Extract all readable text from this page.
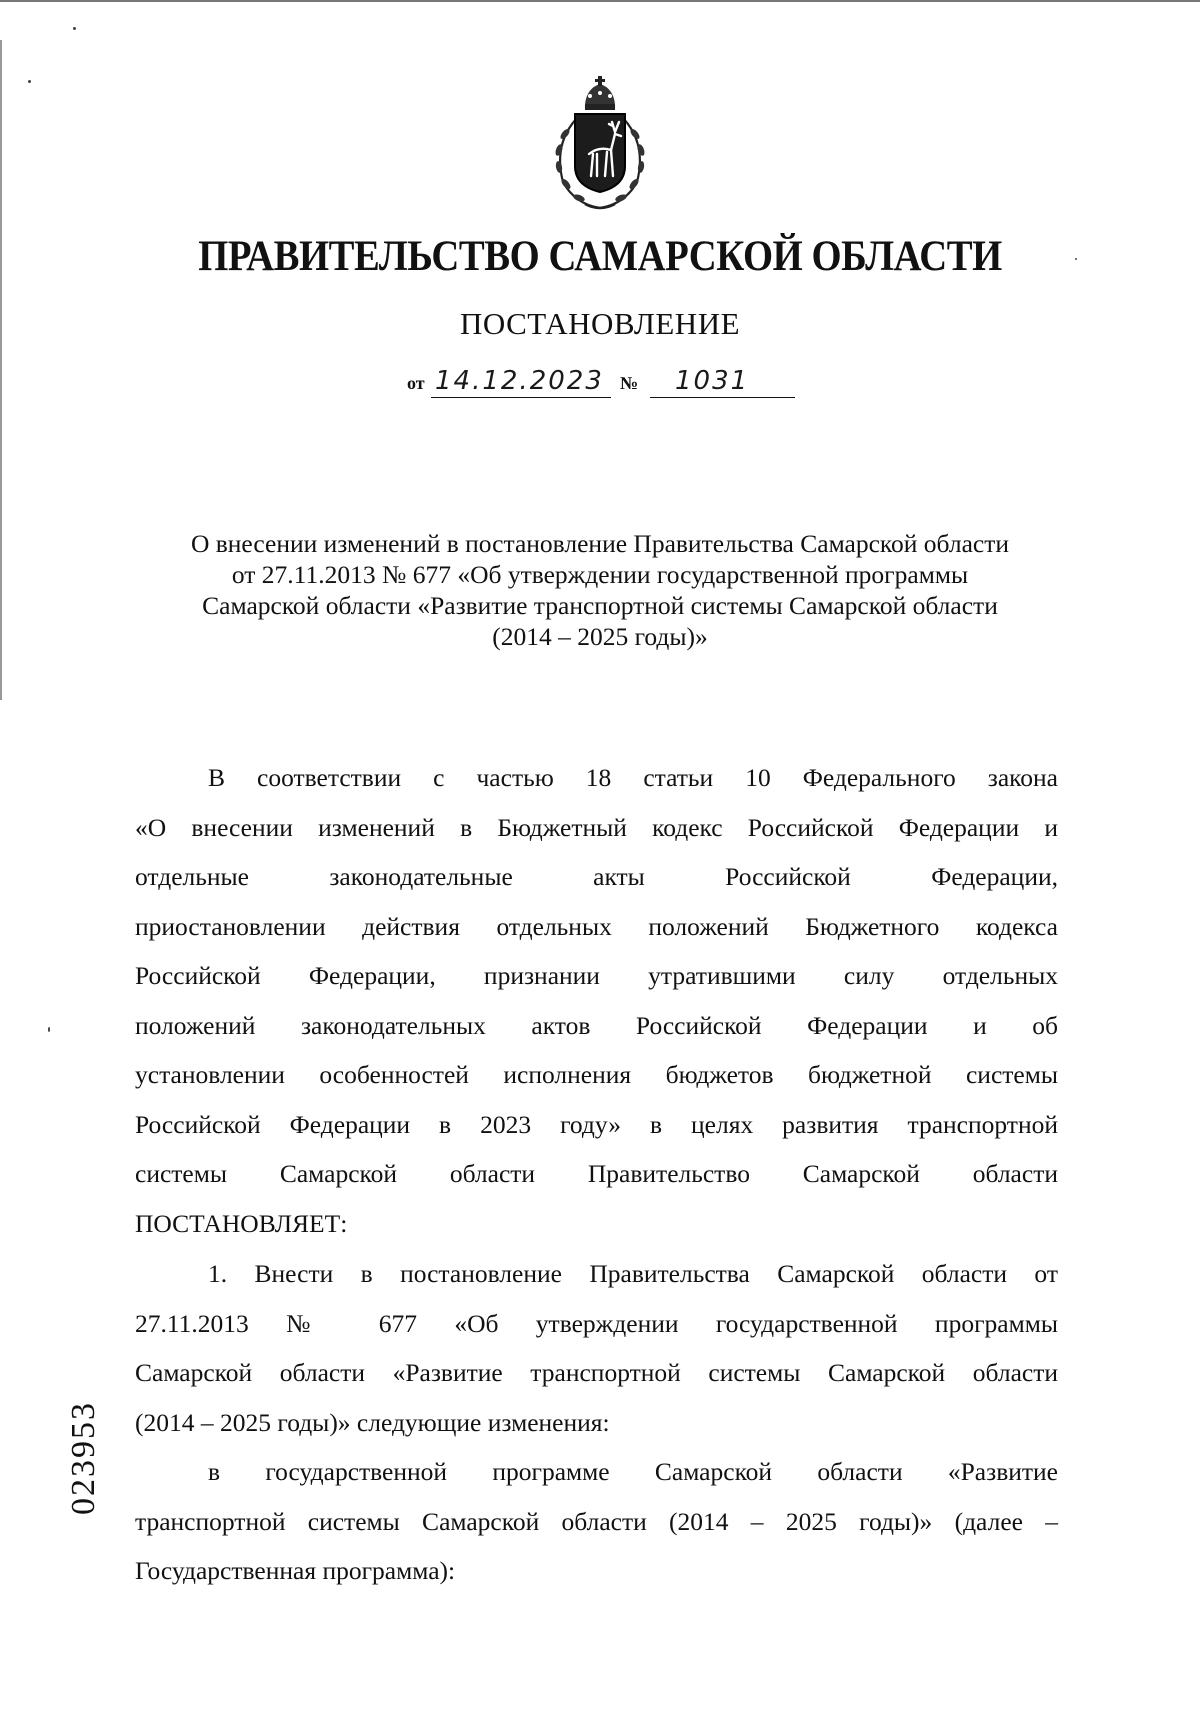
ПРАВИТЕЛЬСТВО САМАРСКОЙ ОБЛАСТИ
ПОСТАНОВЛЕНИЕ
от 14.12.2023 № 1031
О внесении изменений в постановление Правительства Самарской области
от 27.11.2013 № 677 «Об утверждении государственной программы
Самарской области «Развитие транспортной системы Самарской области
(2014 – 2025 годы)»
В соответствии с частью 18 статьи 10 Федерального закона
«О внесении изменений в Бюджетный кодекс Российской Федерации и
отдельные законодательные акты Российской Федерации,
приостановлении действия отдельных положений Бюджетного кодекса
Российской Федерации, признании утратившими силу отдельных
положений законодательных актов Российской Федерации и об
установлении особенностей исполнения бюджетов бюджетной системы
Российской Федерации в 2023 году» в целях развития транспортной
системы Самарской области Правительство Самарской области
ПОСТАНОВЛЯЕТ:
1. Внести в постановление Правительства Самарской области от
27.11.2013 № 677 «Об утверждении государственной программы
Самарской области «Развитие транспортной системы Самарской области
(2014 – 2025 годы)» следующие изменения:
в государственной программе Самарской области «Развитие
транспортной системы Самарской области (2014 – 2025 годы)» (далее –
Государственная программа):
023953
